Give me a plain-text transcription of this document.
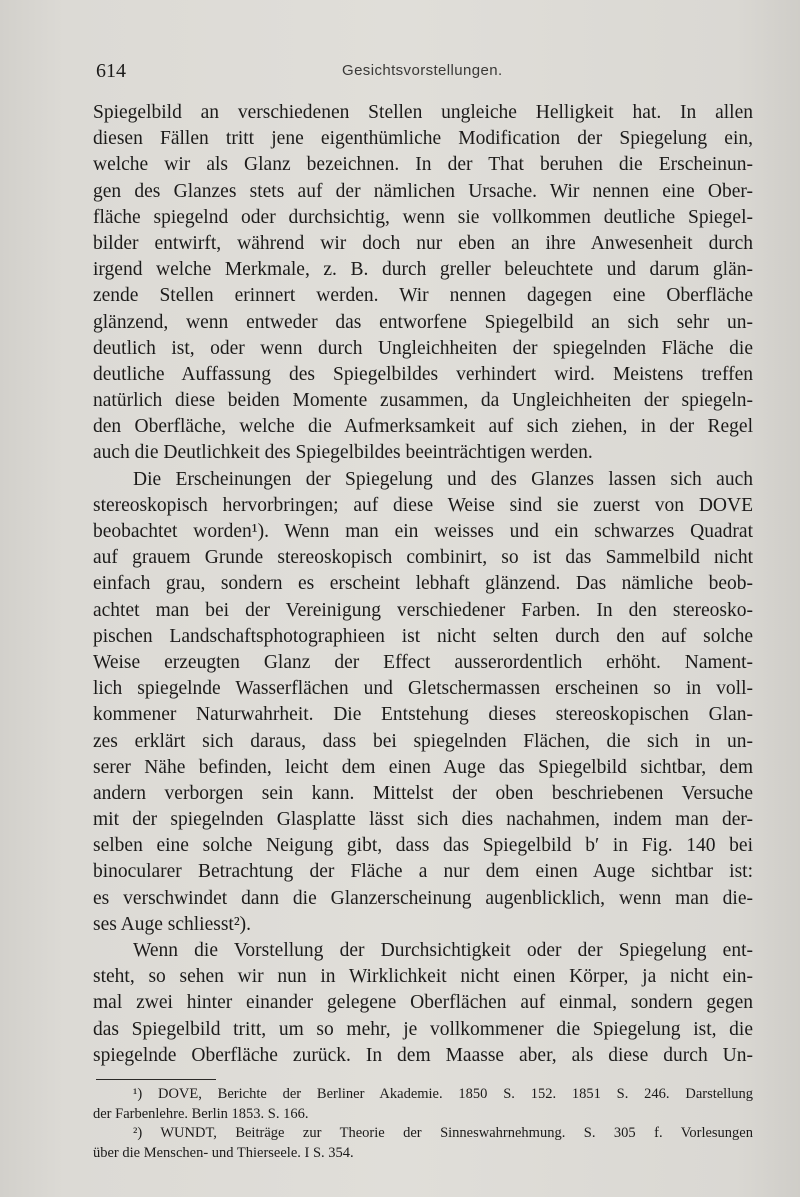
614	Gesichtsvorstellungen.
Spiegelbild an verschiedenen Stellen ungleiche Helligkeit hat. In allen
diesen Fällen tritt jene eigenthümliche Modification der Spiegelung ein,
welche wir als Glanz bezeichnen. In der That beruhen die Erscheinun-
gen des Glanzes stets auf der nämlichen Ursache. Wir nennen eine Ober-
fläche spiegelnd oder durchsichtig, wenn sie vollkommen deutliche Spiegel-
bilder entwirft, während wir doch nur eben an ihre Anwesenheit durch
irgend welche Merkmale, z. B. durch greller beleuchtete und darum glän-
zende Stellen erinnert werden. Wir nennen dagegen eine Oberfläche
glänzend, wenn entweder das entworfene Spiegelbild an sich sehr un-
deutlich ist, oder wenn durch Ungleichheiten der spiegelnden Fläche die
deutliche Auffassung des Spiegelbildes verhindert wird. Meistens treffen
natürlich diese beiden Momente zusammen, da Ungleichheiten der spiegeln-
den Oberfläche, welche die Aufmerksamkeit auf sich ziehen, in der Regel
auch die Deutlichkeit des Spiegelbildes beeinträchtigen werden.
Die Erscheinungen der Spiegelung und des Glanzes lassen sich auch
stereoskopisch hervorbringen; auf diese Weise sind sie zuerst von DOVE
beobachtet worden¹). Wenn man ein weisses und ein schwarzes Quadrat
auf grauem Grunde stereoskopisch combinirt, so ist das Sammelbild nicht
einfach grau, sondern es erscheint lebhaft glänzend. Das nämliche beob-
achtet man bei der Vereinigung verschiedener Farben. In den stereosko-
pischen Landschaftsphotographieen ist nicht selten durch den auf solche
Weise erzeugten Glanz der Effect ausserordentlich erhöht. Nament-
lich spiegelnde Wasserflächen und Gletschermassen erscheinen so in voll-
kommener Naturwahrheit. Die Entstehung dieses stereoskopischen Glan-
zes erklärt sich daraus, dass bei spiegelnden Flächen, die sich in un-
serer Nähe befinden, leicht dem einen Auge das Spiegelbild sichtbar, dem
andern verborgen sein kann. Mittelst der oben beschriebenen Versuche
mit der spiegelnden Glasplatte lässt sich dies nachahmen, indem man der-
selben eine solche Neigung gibt, dass das Spiegelbild b′ in Fig. 140 bei
binocularer Betrachtung der Fläche a nur dem einen Auge sichtbar ist:
es verschwindet dann die Glanzerscheinung augenblicklich, wenn man die-
ses Auge schliesst²).
Wenn die Vorstellung der Durchsichtigkeit oder der Spiegelung ent-
steht, so sehen wir nun in Wirklichkeit nicht einen Körper, ja nicht ein-
mal zwei hinter einander gelegene Oberflächen auf einmal, sondern gegen
das Spiegelbild tritt, um so mehr, je vollkommener die Spiegelung ist, die
spiegelnde Oberfläche zurück. In dem Maasse aber, als diese durch Un-
¹) DOVE, Berichte der Berliner Akademie. 1850 S. 152. 1851 S. 246. Darstellung
der Farbenlehre. Berlin 1853. S. 166.
²) WUNDT, Beiträge zur Theorie der Sinneswahrnehmung. S. 305 f. Vorlesungen
über die Menschen- und Thierseele. I S. 354.
